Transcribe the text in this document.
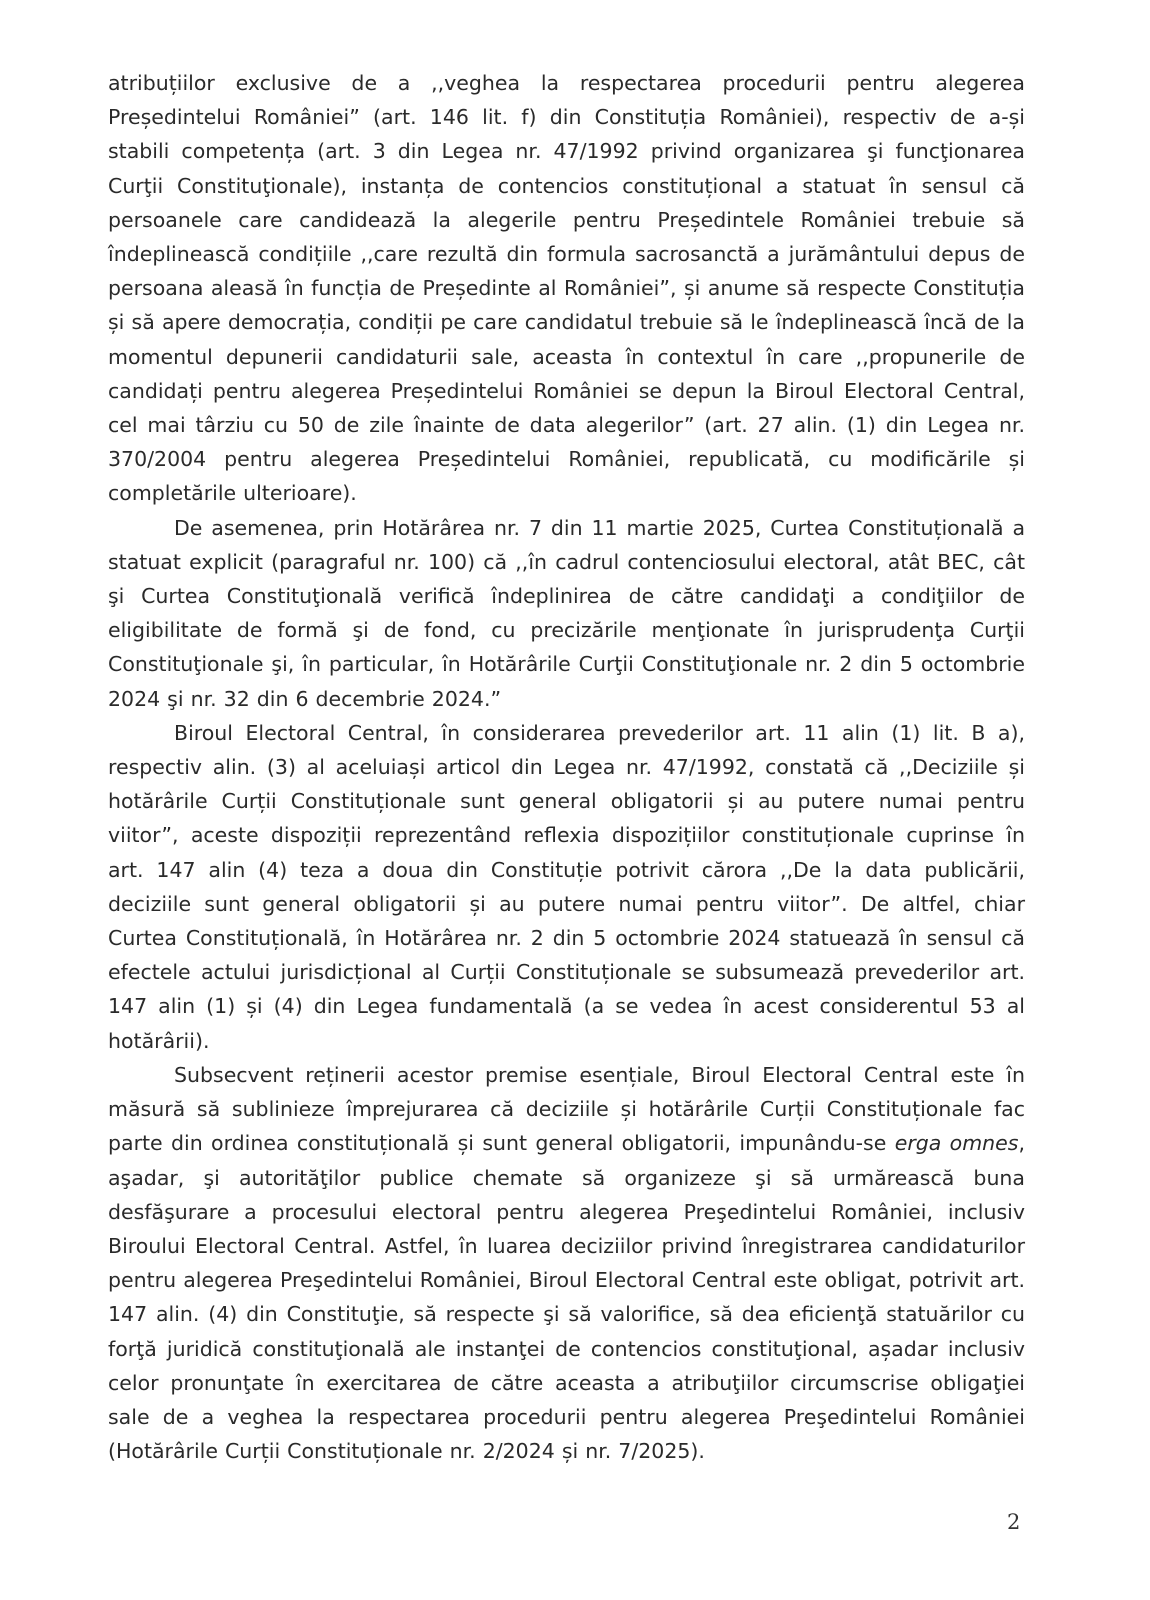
atribuțiilor exclusive de a ,,veghea la respectarea procedurii pentru alegerea Președintelui României” (art. 146 lit. f) din Constituția României), respectiv de a-și stabili competența (art. 3 din Legea nr. 47/1992 privind organizarea şi funcţionarea Curţii Constituţionale), instanța de contencios constituțional a statuat în sensul că persoanele care candidează la alegerile pentru Președintele României trebuie să îndeplinească condițiile ,,care rezultă din formula sacrosanctă a jurământului depus de persoana aleasă în funcția de Președinte al României”, și anume să respecte Constituția și să apere democrația, condiții pe care candidatul trebuie să le îndeplinească încă de la momentul depunerii candidaturii sale, aceasta în contextul în care ,,propunerile de candidați pentru alegerea Președintelui României se depun la Biroul Electoral Central, cel mai târziu cu 50 de zile înainte de data alegerilor” (art. 27 alin. (1) din Legea nr. 370/2004 pentru alegerea Președintelui României, republicată, cu modificările și completările ulterioare).

De asemenea, prin Hotărârea nr. 7 din 11 martie 2025, Curtea Constituțională a statuat explicit (paragraful nr. 100) că ,,în cadrul contenciosului electoral, atât BEC, cât şi Curtea Constituţională verifică îndeplinirea de către candidaţi a condiţiilor de eligibilitate de formă şi de fond, cu precizările menţionate în jurisprudenţa Curţii Constituţionale şi, în particular, în Hotărârile Curţii Constituţionale nr. 2 din 5 octombrie 2024 şi nr. 32 din 6 decembrie 2024.”

Biroul Electoral Central, în considerarea prevederilor art. 11 alin (1) lit. B a), respectiv alin. (3) al aceluiași articol din Legea nr. 47/1992, constată că ,,Deciziile și hotărârile Curții Constituționale sunt general obligatorii și au putere numai pentru viitor”, aceste dispoziții reprezentând reflexia dispozițiilor constituționale cuprinse în art. 147 alin (4) teza a doua din Constituție potrivit cărora ,,De la data publicării, deciziile sunt general obligatorii și au putere numai pentru viitor”. De altfel, chiar Curtea Constituțională, în Hotărârea nr. 2 din 5 octombrie 2024 statuează în sensul că efectele actului jurisdicțional al Curții Constituționale se subsumează prevederilor art. 147 alin (1) și (4) din Legea fundamentală (a se vedea în acest considerentul 53 al hotărârii).

Subsecvent reținerii acestor premise esențiale, Biroul Electoral Central este în măsură să sublinieze împrejurarea că deciziile și hotărârile Curții Constituționale fac parte din ordinea constituțională și sunt general obligatorii, impunându-se erga omnes, aşadar, şi autorităţilor publice chemate să organizeze şi să urmărească buna desfăşurare a procesului electoral pentru alegerea Preşedintelui României, inclusiv Biroului Electoral Central. Astfel, în luarea deciziilor privind înregistrarea candidaturilor pentru alegerea Preşedintelui României, Biroul Electoral Central este obligat, potrivit art. 147 alin. (4) din Constituţie, să respecte şi să valorifice, să dea eficienţă statuărilor cu forţă juridică constituţională ale instanţei de contencios constituţional, așadar inclusiv celor pronunţate în exercitarea de către aceasta a atribuţiilor circumscrise obligaţiei sale de a veghea la respectarea procedurii pentru alegerea Preşedintelui României (Hotărârile Curții Constituționale nr. 2/2024 și nr. 7/2025).

2
